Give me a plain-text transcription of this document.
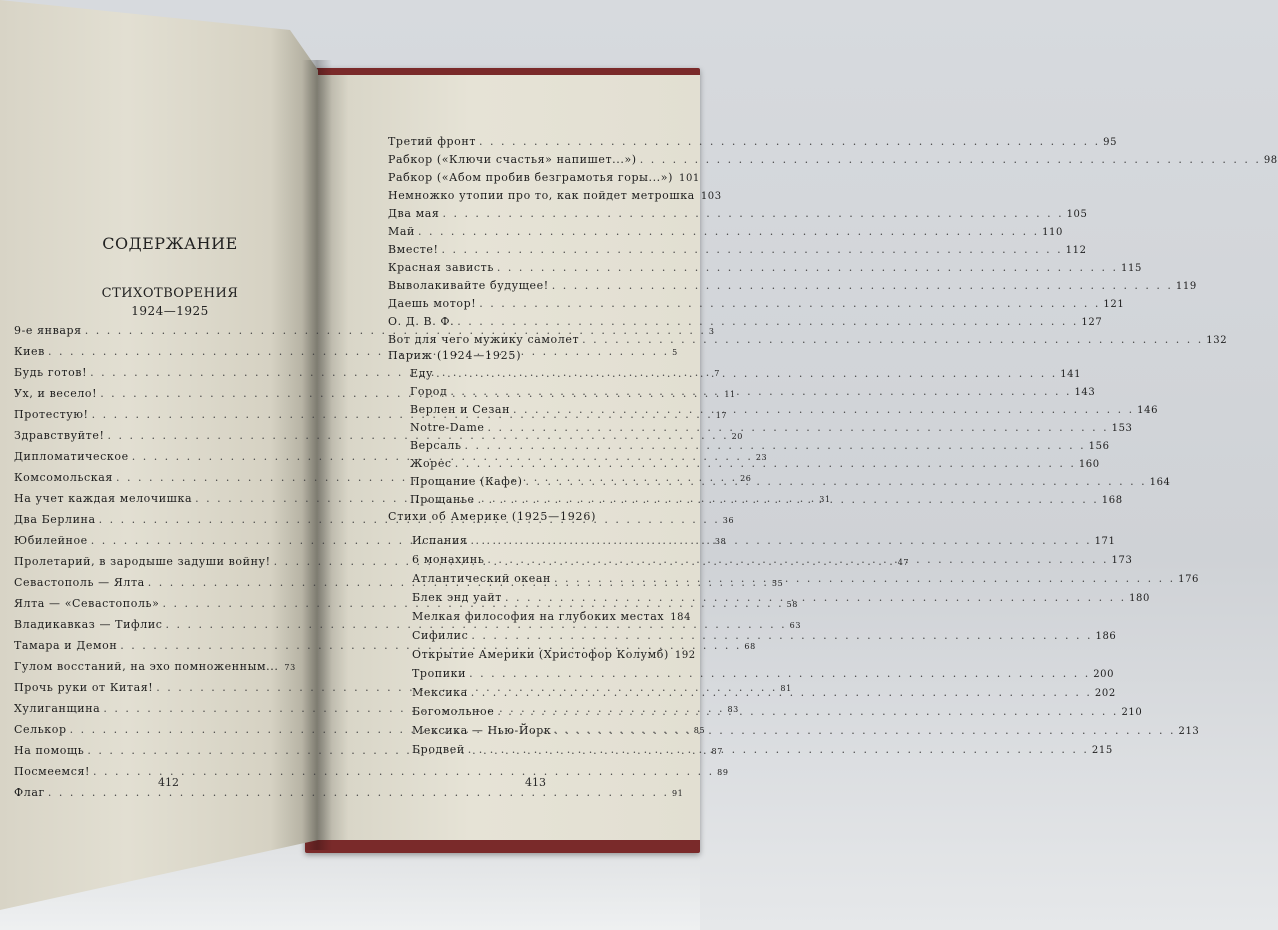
СОДЕРЖАНИЕ
СТИХОТВОРЕНИЯ
1924—1925
9-е января . . .	3
Киев . . .	5
Будь готов! . . .	7
Ух, и весело! . . .	11
Протестую! . . .	17
Здравствуйте! . . .	20
Дипломатическое . . .	23
Комсомольская . . .	26
На учет каждая мелочишка . . .	31
Два Берлина . . .	36
Юбилейное . . .	38
Пролетарий, в зародыше задуши войну! . . .	47
Севастополь — Ялта . . .	55
Ялта — «Севастополь» . . .	58
Владикавказ — Тифлис . . .	63
Тамара и Демон . . .	68
Гулом восстаний, на эхо помноженным... 73
Прочь руки от Китая! . . .	81
Хулиганщина . . .	83
Селькор . . .	85
На помощь . . .	87
Посмеемся! . . .	89
Флаг . . .	91
412
Третий фронт . . .	95
Рабкор («Ключи счастья» напишет...») . . .	98
Рабкор («Абом пробив безграмотья горы...») 101
Немножко утопии про то, как пойдет метрошка 103
Два мая . . .	105
Май . . .	110
Вместе! . . .	112
Красная зависть . . .	115
Выволакивайте будущее! . . .	119
Даешь мотор! . . .	121
О. Д. В. Ф. . . .	127
Вот для чего мужику самолет . . .	132
Париж (1924—1925)
Еду . . .	141
Город . . .	143
Верлен и Сезан . . .	146
Notre-Dame . . .	153
Версаль . . .	156
Жорес . . .	160
Прощание (Кафе) . . .	164
Прощанье . . .	168
Стихи об Америке (1925—1926)
Испания . . .	171
6 монахинь . . .	173
Атлантический океан . . .	176
Блек энд уайт . . .	180
Мелкая философия на глубоких местах 184
Сифилис . . .	186
Открытие Америки (Христофор Колумб) 192
Тропики . . .	200
Мексика . . .	202
Богомольное . . .	210
Мексика — Нью-Йорк . . .	213
Бродвей . . .	215
413
